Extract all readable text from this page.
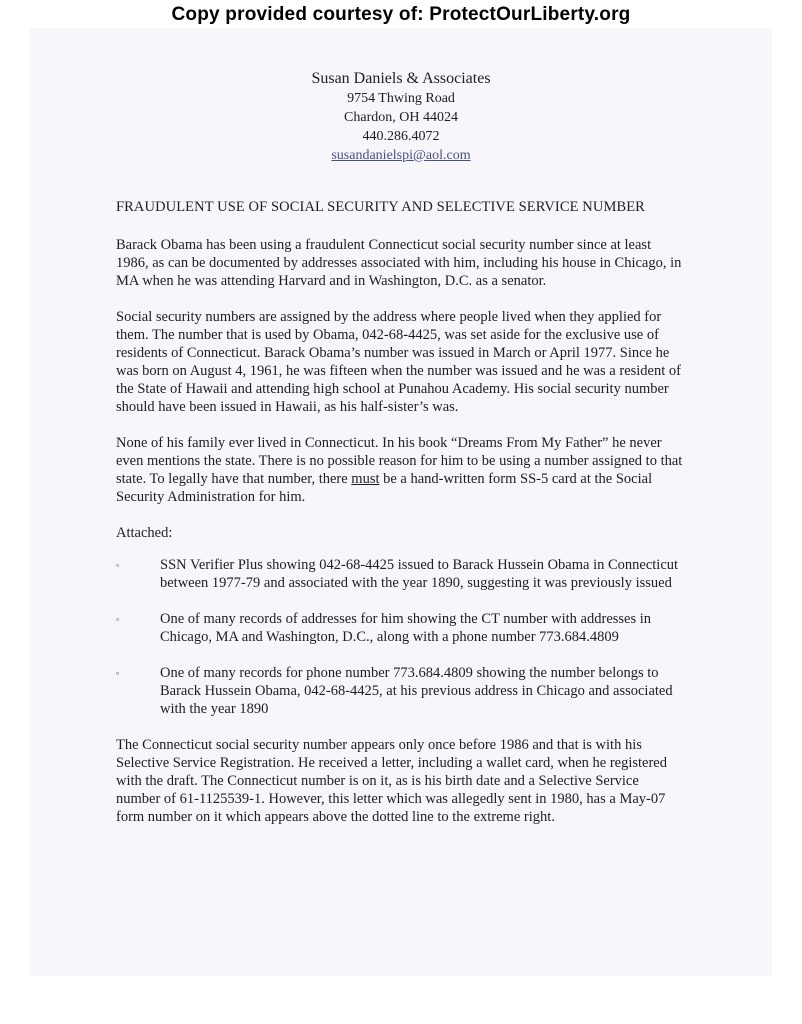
Copy provided courtesy of: ProtectOurLiberty.org
Susan Daniels & Associates
9754 Thwing Road
Chardon, OH 44024
440.286.4072
susandanielspi@aol.com
FRAUDULENT USE OF SOCIAL SECURITY AND SELECTIVE SERVICE NUMBER

Barack Obama has been using a fraudulent Connecticut social security number since at least 1986, as can be documented by addresses associated with him, including his house in Chicago, in MA when he was attending Harvard and in Washington, D.C. as a senator.

Social security numbers are assigned by the address where people lived when they applied for them. The number that is used by Obama, 042-68-4425, was set aside for the exclusive use of residents of Connecticut. Barack Obama’s number was issued in March or April 1977. Since he was born on August 4, 1961, he was fifteen when the number was issued and he was a resident of the State of Hawaii and attending high school at Punahou Academy. His social security number should have been issued in Hawaii, as his half-sister’s was.

None of his family ever lived in Connecticut. In his book “Dreams From My Father” he never even mentions the state. There is no possible reason for him to be using a number assigned to that state. To legally have that number, there must be a hand-written form SS-5 card at the Social Security Administration for him.

Attached:

▫	SSN Verifier Plus showing 042-68-4425 issued to Barack Hussein Obama in Connecticut between 1977-79 and associated with the year 1890, suggesting it was previously issued
▫	One of many records of addresses for him showing the CT number with addresses in Chicago, MA and Washington, D.C., along with a phone number 773.684.4809
▫	One of many records for phone number 773.684.4809 showing the number belongs to Barack Hussein Obama, 042-68-4425, at his previous address in Chicago and associated with the year 1890

The Connecticut social security number appears only once before 1986 and that is with his Selective Service Registration. He received a letter, including a wallet card, when he registered with the draft. The Connecticut number is on it, as is his birth date and a Selective Service number of 61-1125539-1. However, this letter which was allegedly sent in 1980, has a May-07 form number on it which appears above the dotted line to the extreme right.
